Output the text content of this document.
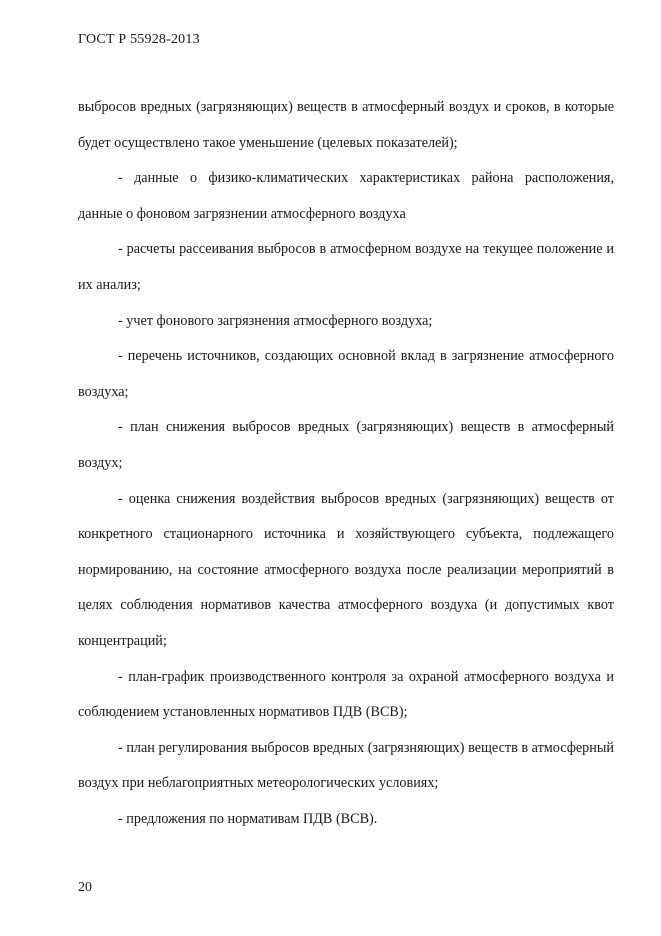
ГОСТ Р 55928-2013

выбросов вредных (загрязняющих) веществ в атмосферный воздух и сроков, в которые будет осуществлено такое уменьшение (целевых показателей);

- данные о физико-климатических характеристиках района расположения, данные о фоновом загрязнении атмосферного воздуха

- расчеты рассеивания выбросов в атмосферном воздухе на текущее положение и их анализ;

- учет фонового загрязнения атмосферного воздуха;

- перечень источников, создающих основной вклад в загрязнение атмосферного воздуха;

- план снижения выбросов вредных (загрязняющих) веществ в атмосферный воздух;

- оценка снижения воздействия выбросов вредных (загрязняющих) веществ от конкретного стационарного источника и хозяйствующего субъекта, подлежащего нормированию, на состояние атмосферного воздуха после реализации мероприятий в целях соблюдения нормативов качества атмосферного воздуха (и допустимых квот концентраций;

- план-график производственного контроля за охраной атмосферного воздуха и соблюдением установленных нормативов ПДВ (ВСВ);

- план регулирования выбросов вредных (загрязняющих) веществ в атмосферный воздух при неблагоприятных метеорологических условиях;

- предложения по нормативам ПДВ (ВСВ).

20
